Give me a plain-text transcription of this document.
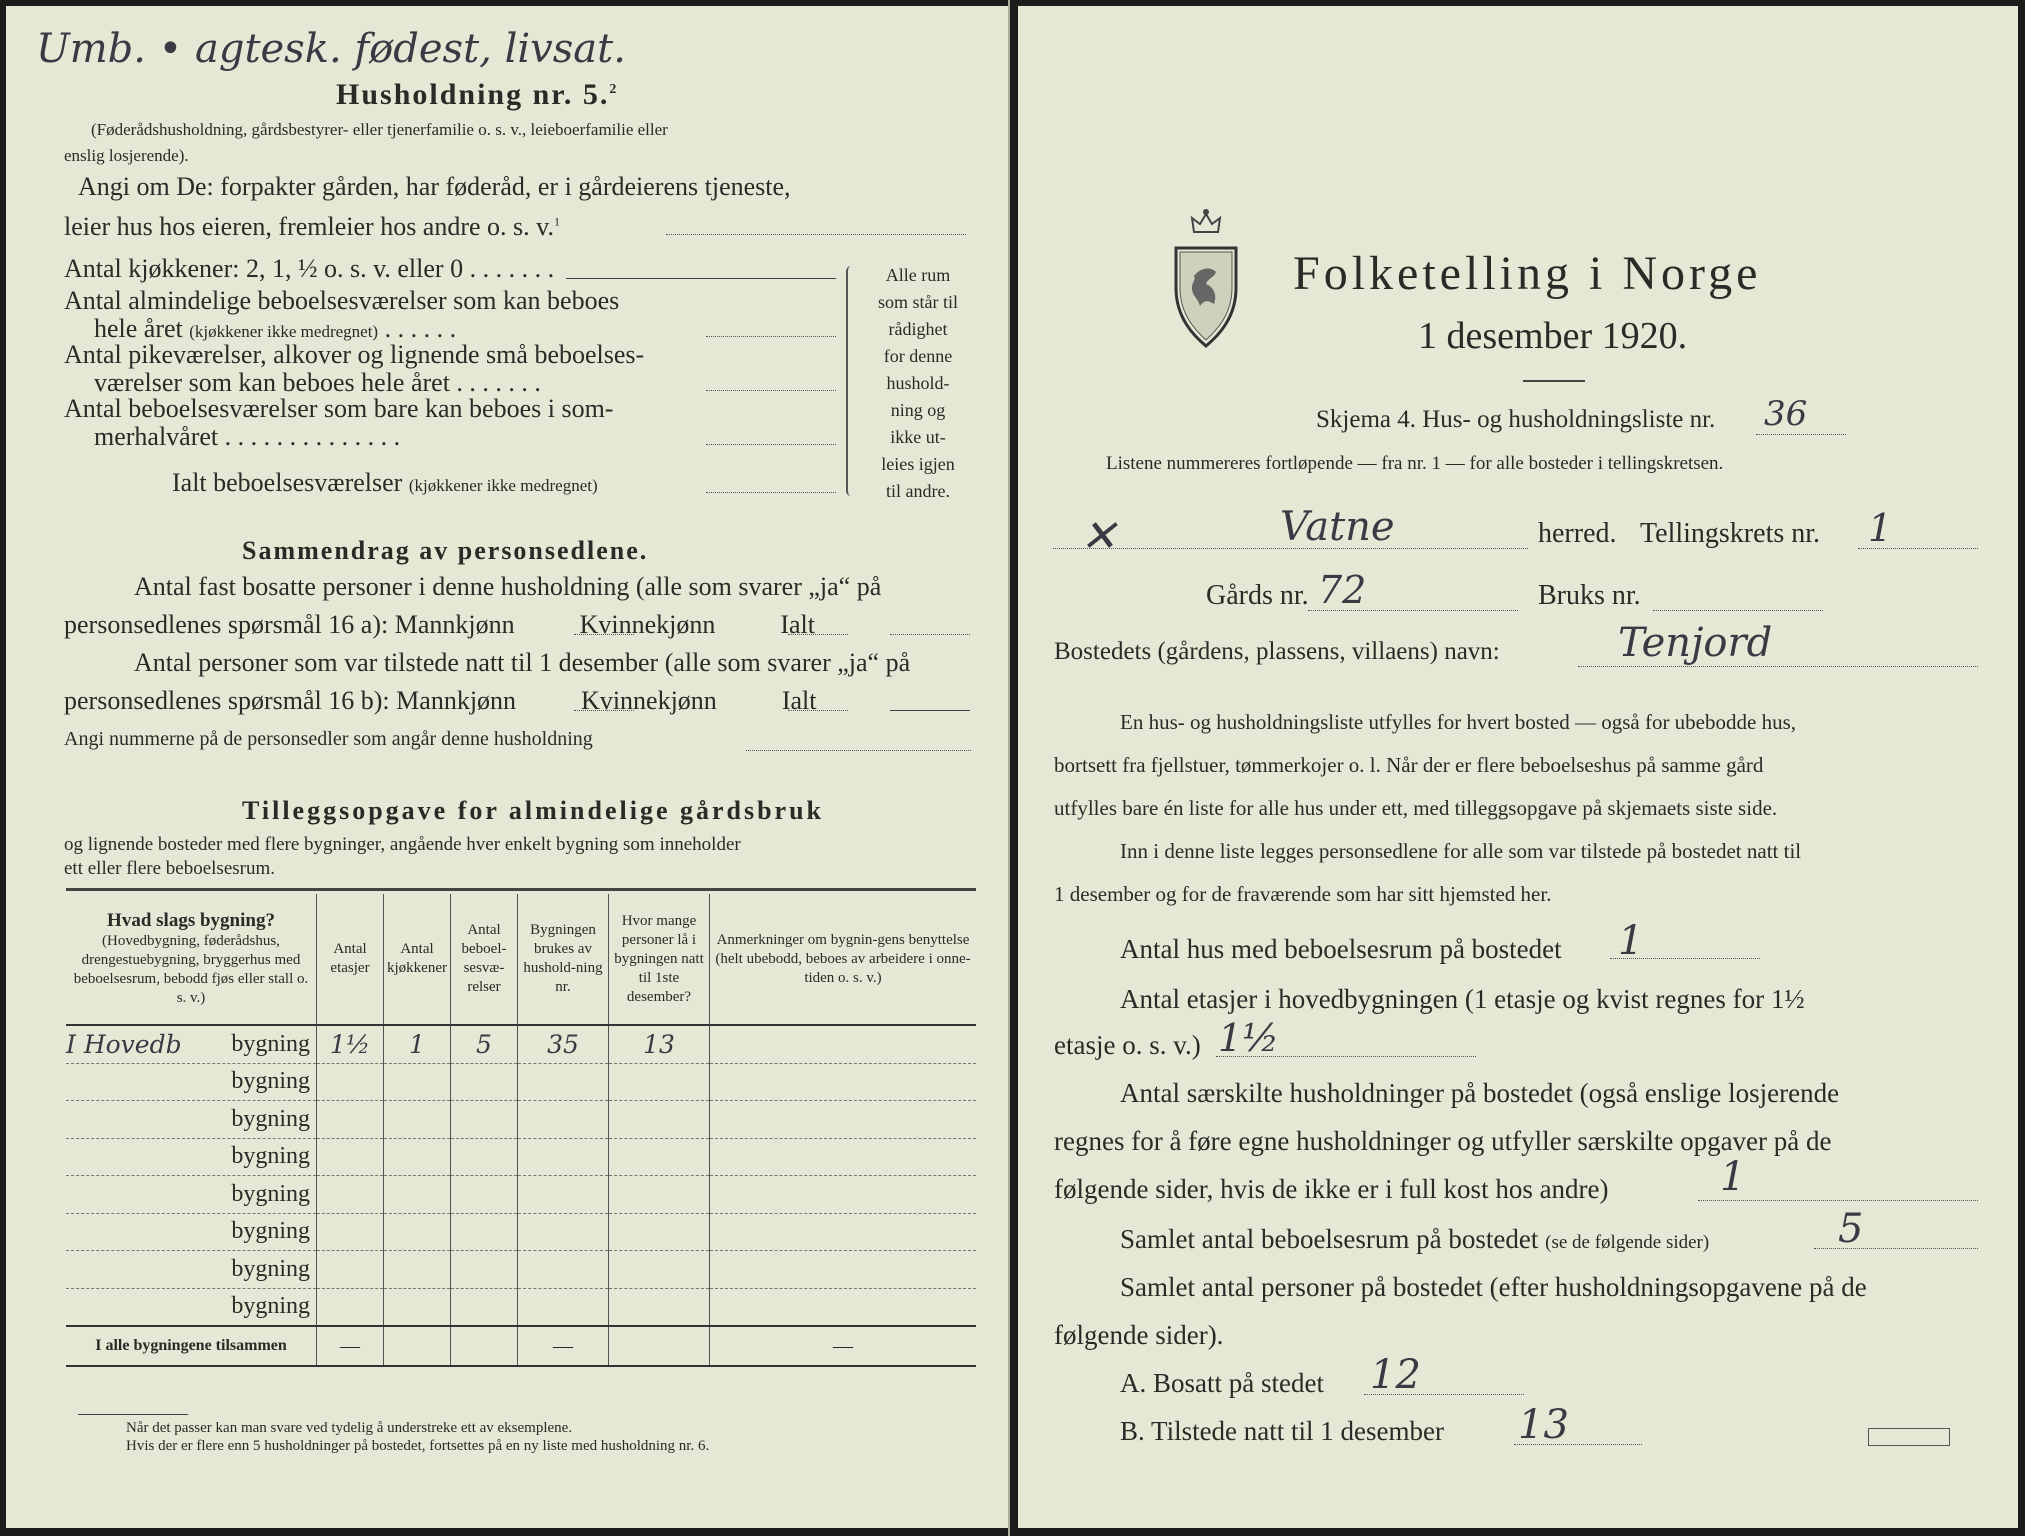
Umb. • agtesk. fødest, livsat.
Husholdning nr. 5.$^2$
(Føderådshusholdning, gårdsbestyrer- eller tjenerfamilie o. s. v., leieboerfamilie eller
enslig losjerende).
Angi om De: forpakter gården, har føderåd, er i gårdeierens tjeneste,
leier hus hos eieren, fremleier hos andre o. s. v.$^1$
Antal kjøkkener: 2, 1, ½ o. s. v. eller 0 . . . . . . .
Antal almindelige beboelsesværelser som kan beboes
hele året (kjøkkener ikke medregnet) . . . . . .
Antal pikeværelser, alkover og lignende små beboelses-
værelser som kan beboes hele året . . . . . . .
Antal beboelsesværelser som bare kan beboes i som-
merhalvåret . . . . . . . . . . . . . .
Ialt beboelsesværelser (kjøkkener ikke medregnet)
Alle rum
som står til
rådighet
for denne
hushold-
ning og
ikke ut-
leies igjen
til andre.
Sammendrag av personsedlene.
Antal fast bosatte personer i denne husholdning (alle som svarer „ja“ på
personsedlenes spørsmål 16 a): Mannkjønn	Kvinnekjønn	Ialt
Antal personer som var tilstede natt til 1 desember (alle som svarer „ja“ på
personsedlenes spørsmål 16 b): Mannkjønn	Kvinnekjønn	Ialt
Angi nummerne på de personsedler som angår denne husholdning
Tilleggsopgave for almindelige gårdsbruk
og lignende bosteder med flere bygninger, angående hver enkelt bygning som inneholder
ett eller flere beboelsesrum.
Hvad slags bygning?
(Hovedbygning, føderådshus, drengestuebygning, bryggerhus med beboelsesrum, bebodd fjøs eller stall o. s. v.)	Antal etasjer	Antal kjøkkener	Antal beboel-sesvæ-relser	Bygningen brukes av hushold-ning nr.	Hvor mange personer lå i bygningen natt til 1ste desember?	Anmerkninger om bygnin-gens benyttelse (helt ubebodd, beboes av arbeidere i onne-tiden o. s. v.)

I Hovedb bygning	1½	1	5	35	13	
bygning						
bygning						
bygning						
bygning						
bygning						
bygning						
bygning						
I alle bygningene tilsammen	—			—		—
Når det passer kan man svare ved tydelig å understreke ett av eksemplene.
Hvis der er flere enn 5 husholdninger på bostedet, fortsettes på en ny liste med husholdning nr. 6.
Folketelling i Norge
1 desember 1920.
Skjema 4. Hus- og husholdningsliste nr. 36
Listene nummereres fortløpende — fra nr. 1 — for alle bosteder i tellingskretsen.
✕	Vatne	herred. Tellingskrets nr. 1
Gårds nr. 72	Bruks nr.
Bostedets (gårdens, plassens, villaens) navn:	Tenjord
En hus- og husholdningsliste utfylles for hvert bosted — også for ubebodde hus,
bortsett fra fjellstuer, tømmerkojer o. l. Når der er flere beboelseshus på samme gård
utfylles bare én liste for alle hus under ett, med tilleggsopgave på skjemaets siste side.
Inn i denne liste legges personsedlene for alle som var tilstede på bostedet natt til
1 desember og for de fraværende som har sitt hjemsted her.
Antal hus med beboelsesrum på bostedet 1
Antal etasjer i hovedbygningen (1 etasje og kvist regnes for 1½
etasje o. s. v.) 1½
Antal særskilte husholdninger på bostedet (også enslige losjerende
regnes for å føre egne husholdninger og utfyller særskilte opgaver på de
følgende sider, hvis de ikke er i full kost hos andre)	1
Samlet antal beboelsesrum på bostedet (se de følgende sider)	5
Samlet antal personer på bostedet (efter husholdningsopgavene på de
følgende sider).
A. Bosatt på stedet 12
B. Tilstede natt til 1 desember 13
